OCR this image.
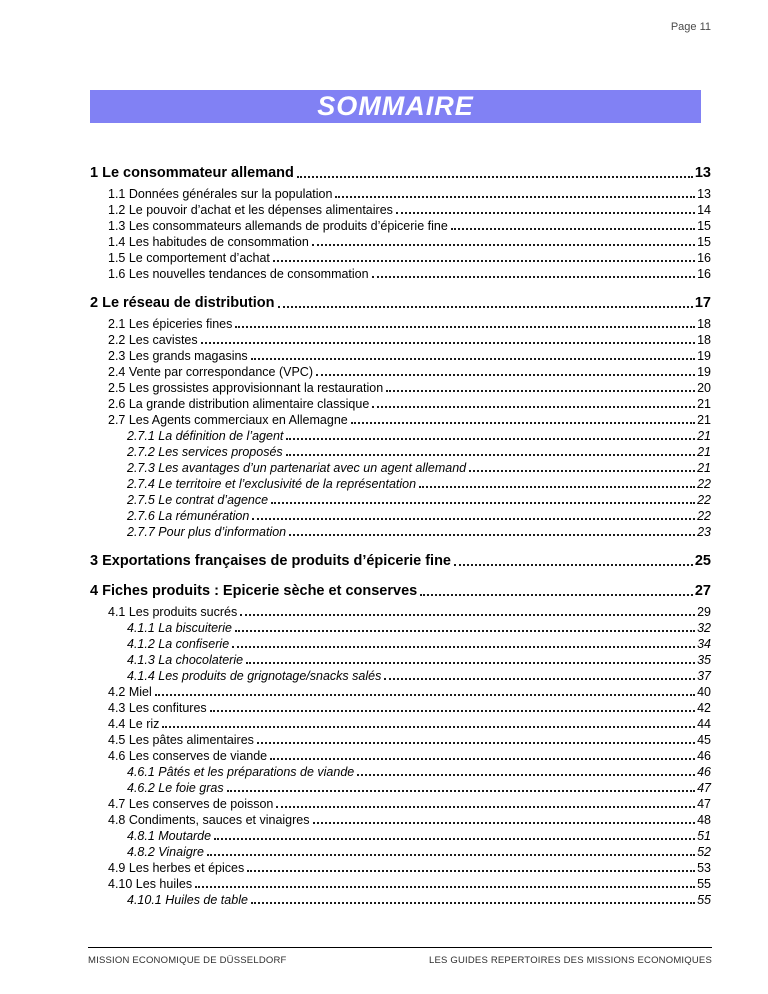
Page 11
SOMMAIRE
1 Le consommateur allemand	13
1.1 Données générales sur la population	13
1.2 Le pouvoir d’achat et les dépenses alimentaires	14
1.3 Les consommateurs allemands de produits d’épicerie fine	15
1.4 Les habitudes de consommation	15
1.5 Le comportement d’achat	16
1.6 Les nouvelles tendances de consommation	16
2 Le réseau de distribution	17
2.1 Les épiceries fines	18
2.2 Les cavistes	18
2.3 Les grands magasins	19
2.4 Vente par correspondance (VPC)	19
2.5 Les grossistes approvisionnant la restauration	20
2.6 La grande distribution alimentaire classique	21
2.7 Les Agents commerciaux en Allemagne	21
2.7.1 La définition de l’agent	21
2.7.2 Les services proposés	21
2.7.3 Les avantages d’un partenariat avec un agent allemand	21
2.7.4 Le territoire et l’exclusivité de la représentation	22
2.7.5 Le contrat d’agence	22
2.7.6 La rémunération	22
2.7.7 Pour plus d’information	23
3 Exportations françaises de produits d’épicerie fine	25
4 Fiches produits : Epicerie sèche et conserves	27
4.1 Les produits sucrés	29
4.1.1 La biscuiterie	32
4.1.2 La confiserie	34
4.1.3 La chocolaterie	35
4.1.4 Les produits de grignotage/snacks salés	37
4.2 Miel	40
4.3 Les confitures	42
4.4 Le riz	44
4.5 Les pâtes alimentaires	45
4.6 Les conserves de viande	46
4.6.1 Pâtés et les préparations de viande	46
4.6.2 Le foie gras	47
4.7 Les conserves de poisson	47
4.8 Condiments, sauces et vinaigres	48
4.8.1 Moutarde	51
4.8.2 Vinaigre	52
4.9 Les herbes et épices	53
4.10 Les huiles	55
4.10.1 Huiles de table	55
MISSION ECONOMIQUE DE DÜSSELDORF	LES GUIDES REPERTOIRES DES MISSIONS ECONOMIQUES
